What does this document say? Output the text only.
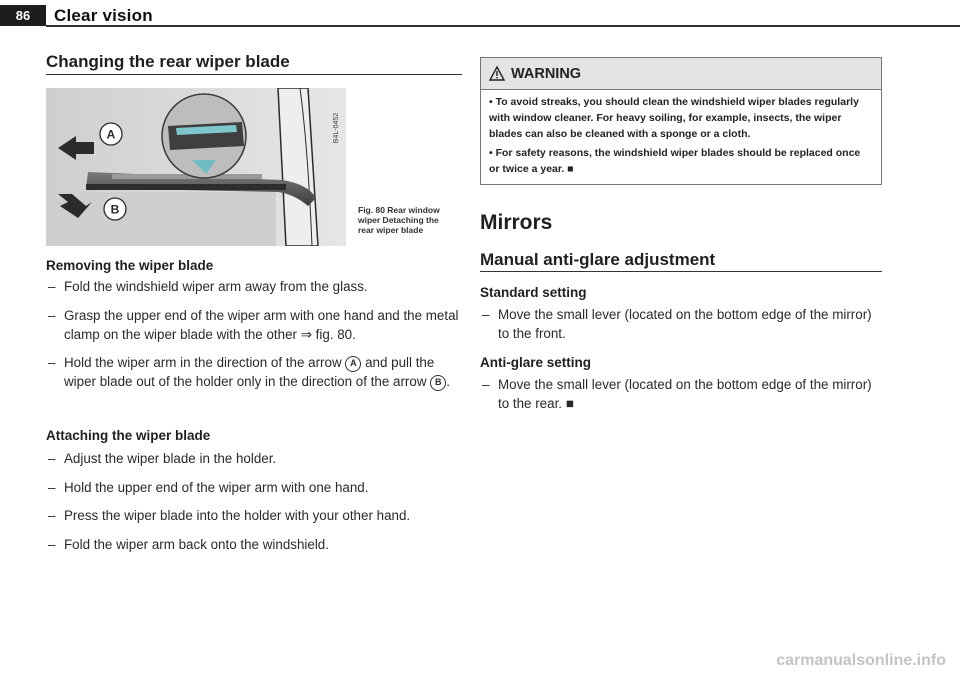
86	Clear vision
Changing the rear wiper blade
A
B
B4L-0452
Fig. 80 Rear window
wiper Detaching the
rear wiper blade
Removing the wiper blade
– Fold the windshield wiper arm away from the glass.
– Grasp the upper end of the wiper arm with one hand and the metal clamp on the wiper blade with the other ⇒ fig. 80.
– Hold the wiper arm in the direction of the arrow A and pull the wiper blade out of the holder only in the direction of the arrow B .
Attaching the wiper blade
– Adjust the wiper blade in the holder.
– Hold the upper end of the wiper arm with one hand.
– Press the wiper blade into the holder with your other hand.
– Fold the wiper arm back onto the windshield.
WARNING

• To avoid streaks, you should clean the windshield wiper blades regularly with window cleaner. For heavy soiling, for example, insects, the wiper blades can also be cleaned with a sponge or a cloth.

• For safety reasons, the windshield wiper blades should be replaced once or twice a year. ■

Mirrors
Manual anti-glare adjustment
Standard setting
– Move the small lever (located on the bottom edge of the mirror) to the front.
Anti-glare setting
– Move the small lever (located on the bottom edge of the mirror) to the rear. ■
carmanualsonline.info
